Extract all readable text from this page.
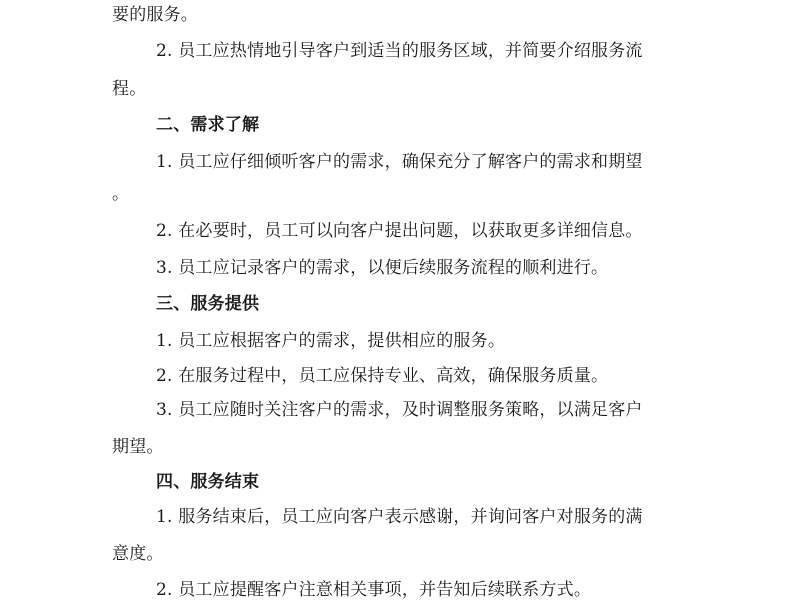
要的服务。
2. 员工应热情地引导客户到适当的服务区域，并简要介绍服务流
程。
二、需求了解
1. 员工应仔细倾听客户的需求，确保充分了解客户的需求和期望
。
2. 在必要时，员工可以向客户提出问题，以获取更多详细信息。
3. 员工应记录客户的需求，以便后续服务流程的顺利进行。
三、服务提供
1. 员工应根据客户的需求，提供相应的服务。
2. 在服务过程中，员工应保持专业、高效，确保服务质量。
3. 员工应随时关注客户的需求，及时调整服务策略，以满足客户
期望。
四、服务结束
1. 服务结束后，员工应向客户表示感谢，并询问客户对服务的满
意度。
2. 员工应提醒客户注意相关事项，并告知后续联系方式。
